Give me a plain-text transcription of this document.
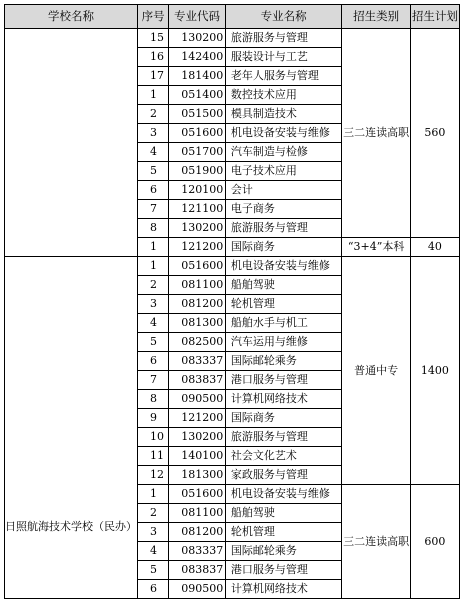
学校名称	序号	专业代码	专业名称	招生类别	招生计划
	15	130200	旅游服务与管理	三二连读高职	560
	16	142400	服装设计与工艺		
	17	181400	老年人服务与管理		
	1	051400	数控技术应用		
	2	051500	模具制造技术		
	3	051600	机电设备安装与维修		
	4	051700	汽车制造与检修		
	5	051900	电子技术应用		
	6	120100	会计		
	7	121100	电子商务		
	8	130200	旅游服务与管理		
	1	121200	国际商务	“3+4”本科	40
日照航海技术学校（民办）	1	051600	机电设备安装与维修	普通中专	1400
	2	081100	船舶驾驶		
	3	081200	轮机管理		
	4	081300	船舶水手与机工		
	5	082500	汽车运用与维修		
	6	083337	国际邮轮乘务		
	7	083837	港口服务与管理		
	8	090500	计算机网络技术		
	9	121200	国际商务		
	10	130200	旅游服务与管理		
	11	140100	社会文化艺术		
	12	181300	家政服务与管理		
	1	051600	机电设备安装与维修	三二连读高职	600
	2	081100	船舶驾驶		
	3	081200	轮机管理		
	4	083337	国际邮轮乘务		
	5	083837	港口服务与管理		
	6	090500	计算机网络技术		
